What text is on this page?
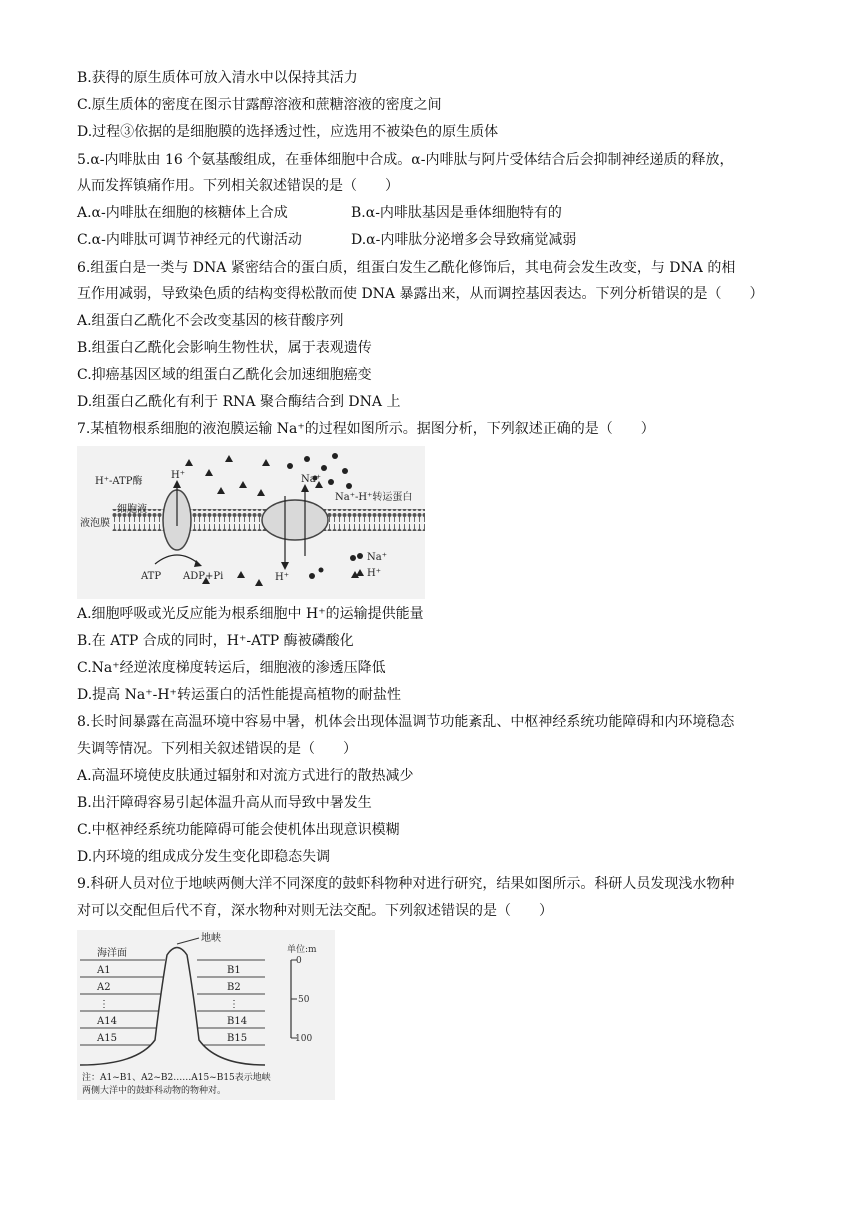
B.获得的原生质体可放入清水中以保持其活力
C.原生质体的密度在图示甘露醇溶液和蔗糖溶液的密度之间
D.过程③依据的是细胞膜的选择透过性，应选用不被染色的原生质体
5.α-内啡肽由 16 个氨基酸组成，在垂体细胞中合成。α-内啡肽与阿片受体结合后会抑制神经递质的释放，
从而发挥镇痛作用。下列相关叙述错误的是（　　）
A.α-内啡肽在细胞的核糖体上合成	B.α-内啡肽基因是垂体细胞特有的
C.α-内啡肽可调节神经元的代谢活动	D.α-内啡肽分泌增多会导致痛觉减弱
6.组蛋白是一类与 DNA 紧密结合的蛋白质，组蛋白发生乙酰化修饰后，其电荷会发生改变，与 DNA 的相
互作用减弱，导致染色质的结构变得松散而使 DNA 暴露出来，从而调控基因表达。下列分析错误的是（　　）
A.组蛋白乙酰化不会改变基因的核苷酸序列
B.组蛋白乙酰化会影响生物性状，属于表观遗传
C.抑癌基因区域的组蛋白乙酰化会加速细胞癌变
D.组蛋白乙酰化有利于 RNA 聚合酶结合到 DNA 上
7.某植物根系细胞的液泡膜运输 Na⁺的过程如图所示。据图分析，下列叙述正确的是（　　）
H⁺-ATP酶
细胞液
液泡膜
Na⁺-H⁺转运蛋白
H⁺	Na⁺
H⁺
ATP ADP+Pi
Na⁺
H⁺
A.细胞呼吸或光反应能为根系细胞中 H⁺的运输提供能量
B.在 ATP 合成的同时，H⁺-ATP 酶被磷酸化
C.Na⁺经逆浓度梯度转运后，细胞液的渗透压降低
D.提高 Na⁺-H⁺转运蛋白的活性能提高植物的耐盐性
8.长时间暴露在高温环境中容易中暑，机体会出现体温调节功能紊乱、中枢神经系统功能障碍和内环境稳态
失调等情况。下列相关叙述错误的是（　　）
A.高温环境使皮肤通过辐射和对流方式进行的散热减少
B.出汗障碍容易引起体温升高从而导致中暑发生
C.中枢神经系统功能障碍可能会使机体出现意识模糊
D.内环境的组成成分发生变化即稳态失调
9.科研人员对位于地峡两侧大洋不同深度的鼓虾科物种对进行研究，结果如图所示。科研人员发现浅水物种
对可以交配但后代不育，深水物种对则无法交配。下列叙述错误的是（　　）
0
50
100
单位:m
海洋面
地峡
A1
A2
⋮
A14
A15
B1
B2
⋮
B14
B15
注：A1~B1、A2~B2……A15~B15表示地峡
两侧大洋中的鼓虾科动物的物种对。
